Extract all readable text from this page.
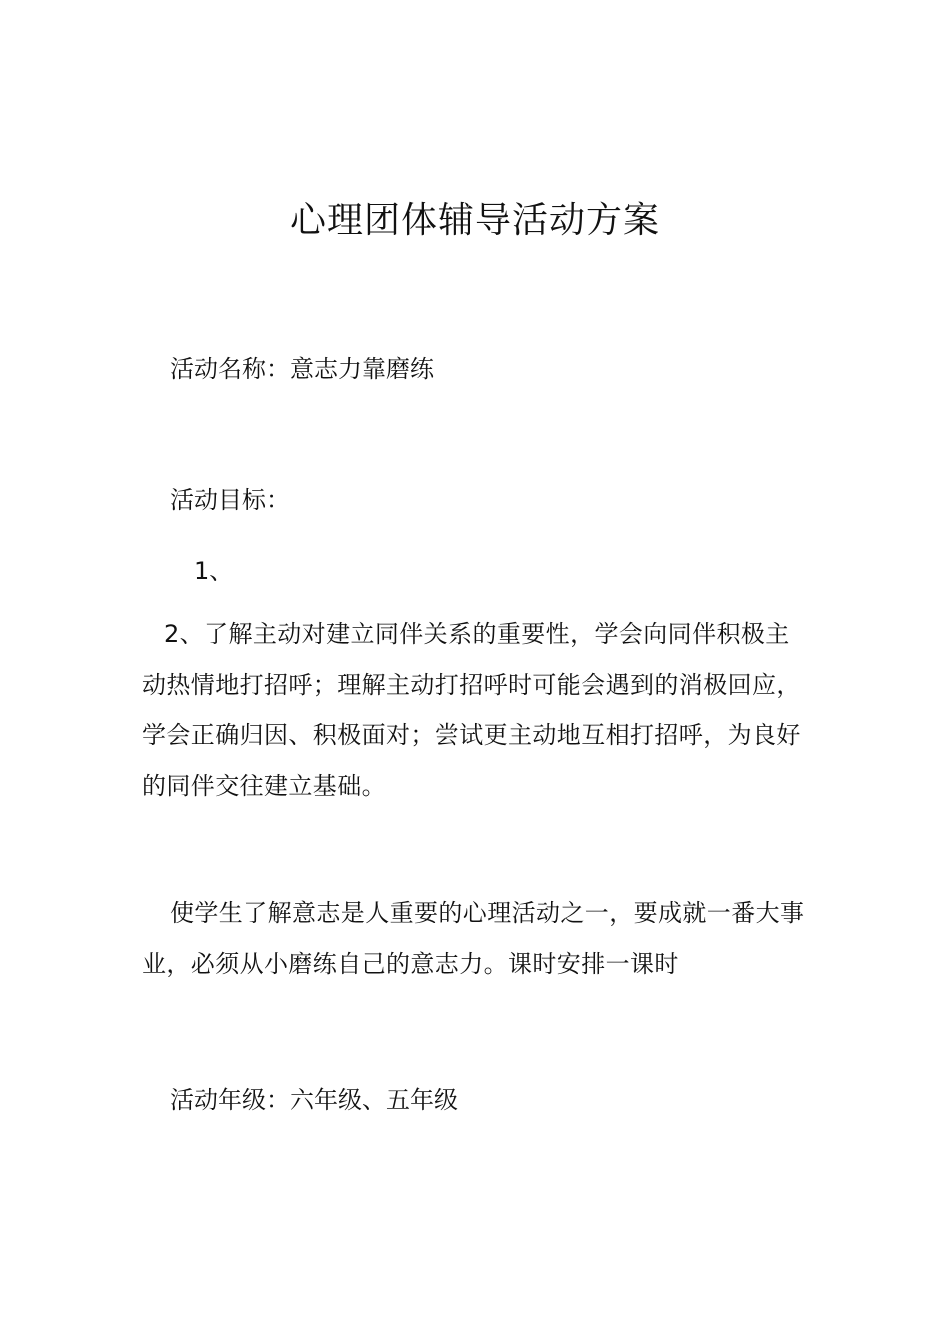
心理团体辅导活动方案

活动名称：意志力靠磨练

活动目标：

1、

2、了解主动对建立同伴关系的重要性，学会向同伴积极主动热情地打招呼；理解主动打招呼时可能会遇到的消极回应，学会正确归因、积极面对；尝试更主动地互相打招呼，为良好的同伴交往建立基础。

使学生了解意志是人重要的心理活动之一，要成就一番大事业，必须从小磨练自己的意志力。课时安排一课时

活动年级：六年级、五年级
